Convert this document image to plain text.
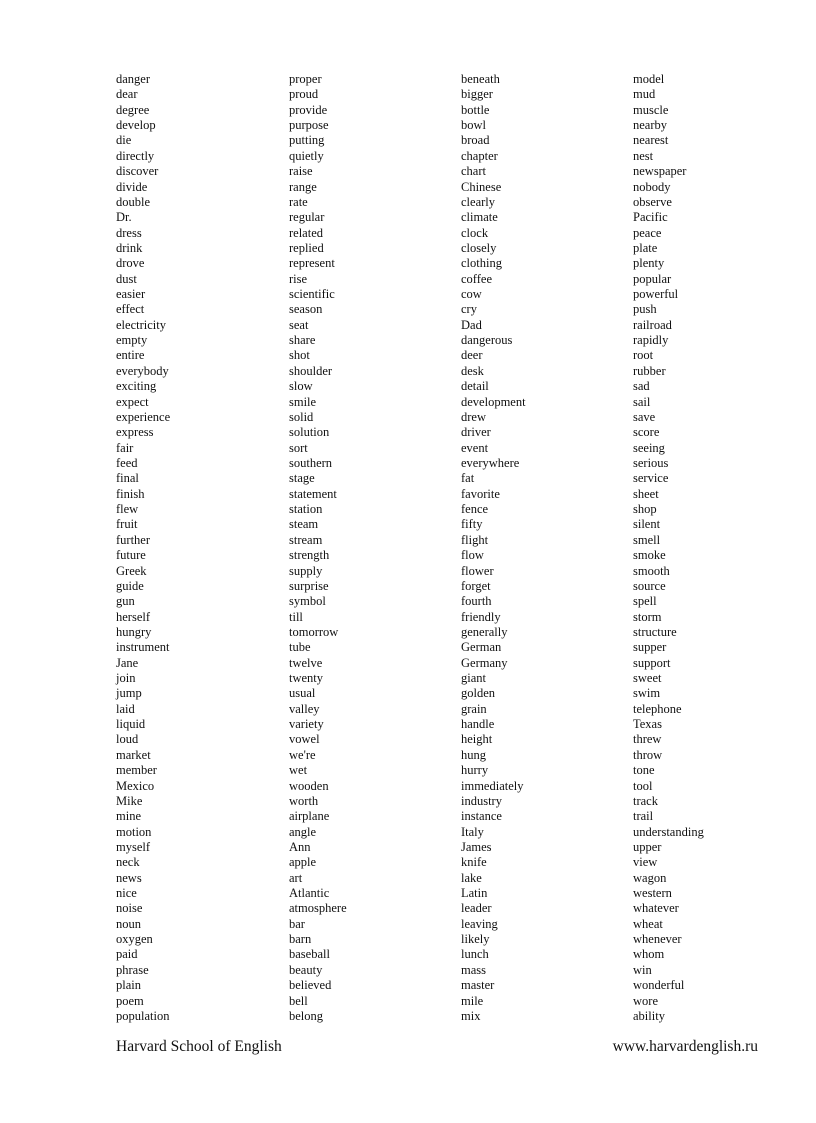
danger
dear
degree
develop
die
directly
discover
divide
double
Dr.
dress
drink
drove
dust
easier
effect
electricity
empty
entire
everybody
exciting
expect
experience
express
fair
feed
final
finish
flew
fruit
further
future
Greek
guide
gun
herself
hungry
instrument
Jane
join
jump
laid
liquid
loud
market
member
Mexico
Mike
mine
motion
myself
neck
news
nice
noise
noun
oxygen
paid
phrase
plain
poem
population
proper
proud
provide
purpose
putting
quietly
raise
range
rate
regular
related
replied
represent
rise
scientific
season
seat
share
shot
shoulder
slow
smile
solid
solution
sort
southern
stage
statement
station
steam
stream
strength
supply
surprise
symbol
till
tomorrow
tube
twelve
twenty
usual
valley
variety
vowel
we're
wet
wooden
worth
airplane
angle
Ann
apple
art
Atlantic
atmosphere
bar
barn
baseball
beauty
believed
bell
belong
beneath
bigger
bottle
bowl
broad
chapter
chart
Chinese
clearly
climate
clock
closely
clothing
coffee
cow
cry
Dad
dangerous
deer
desk
detail
development
drew
driver
event
everywhere
fat
favorite
fence
fifty
flight
flow
flower
forget
fourth
friendly
generally
German
Germany
giant
golden
grain
handle
height
hung
hurry
immediately
industry
instance
Italy
James
knife
lake
Latin
leader
leaving
likely
lunch
mass
master
mile
mix
model
mud
muscle
nearby
nearest
nest
newspaper
nobody
observe
Pacific
peace
plate
plenty
popular
powerful
push
railroad
rapidly
root
rubber
sad
sail
save
score
seeing
serious
service
sheet
shop
silent
smell
smoke
smooth
source
spell
storm
structure
supper
support
sweet
swim
telephone
Texas
threw
throw
tone
tool
track
trail
understanding
upper
view
wagon
western
whatever
wheat
whenever
whom
win
wonderful
wore
ability
Harvard School of English	www.harvardenglish.ru
